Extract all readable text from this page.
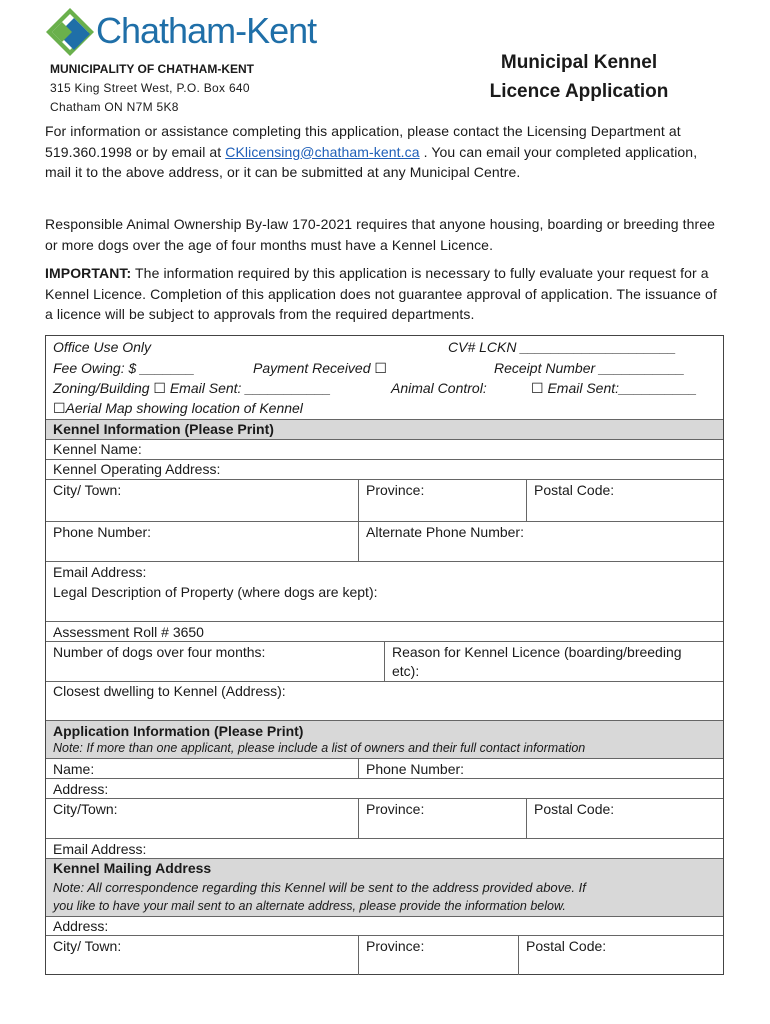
Chatham-Kent
MUNICIPALITY OF CHATHAM-KENT
315 King Street West, P.O. Box 640
Chatham ON N7M 5K8
Municipal Kennel
Licence Application
For information or assistance completing this application, please contact the Licensing Department at 519.360.1998 or by email at CKlicensing@chatham-kent.ca . You can email your completed application, mail it to the above address, or it can be submitted at any Municipal Centre.
Responsible Animal Ownership By-law 170-2021 requires that anyone housing, boarding or breeding three or more dogs over the age of four months must have a Kennel Licence.
IMPORTANT: The information required by this application is necessary to fully evaluate your request for a Kennel Licence. Completion of this application does not guarantee approval of application. The issuance of a licence will be subject to approvals from the required departments.
Office Use Only	CV# LCKN ____________________
Fee Owing: $ _______	Payment Received ☐	Receipt Number ___________
Zoning/Building ☐ Email Sent: ___________	Animal Control:	☐ Email Sent:__________
☐Aerial Map showing location of Kennel
Kennel Information (Please Print)
Kennel Name:
Kennel Operating Address:
City/ Town:	Province:	Postal Code:
Phone Number:	Alternate Phone Number:
Email Address:
Legal Description of Property (where dogs are kept):
Assessment Roll # 3650
Number of dogs over four months:	Reason for Kennel Licence (boarding/breeding
etc):
Closest dwelling to Kennel (Address):
Application Information (Please Print)
Note: If more than one applicant, please include a list of owners and their full contact information
Name:	Phone Number:
Address:
City/Town:	Province:	Postal Code:
Email Address:
Kennel Mailing Address
Note: All correspondence regarding this Kennel will be sent to the address provided above. If
you like to have your mail sent to an alternate address, please provide the information below.
Address:
City/ Town:	Province:	Postal Code:
